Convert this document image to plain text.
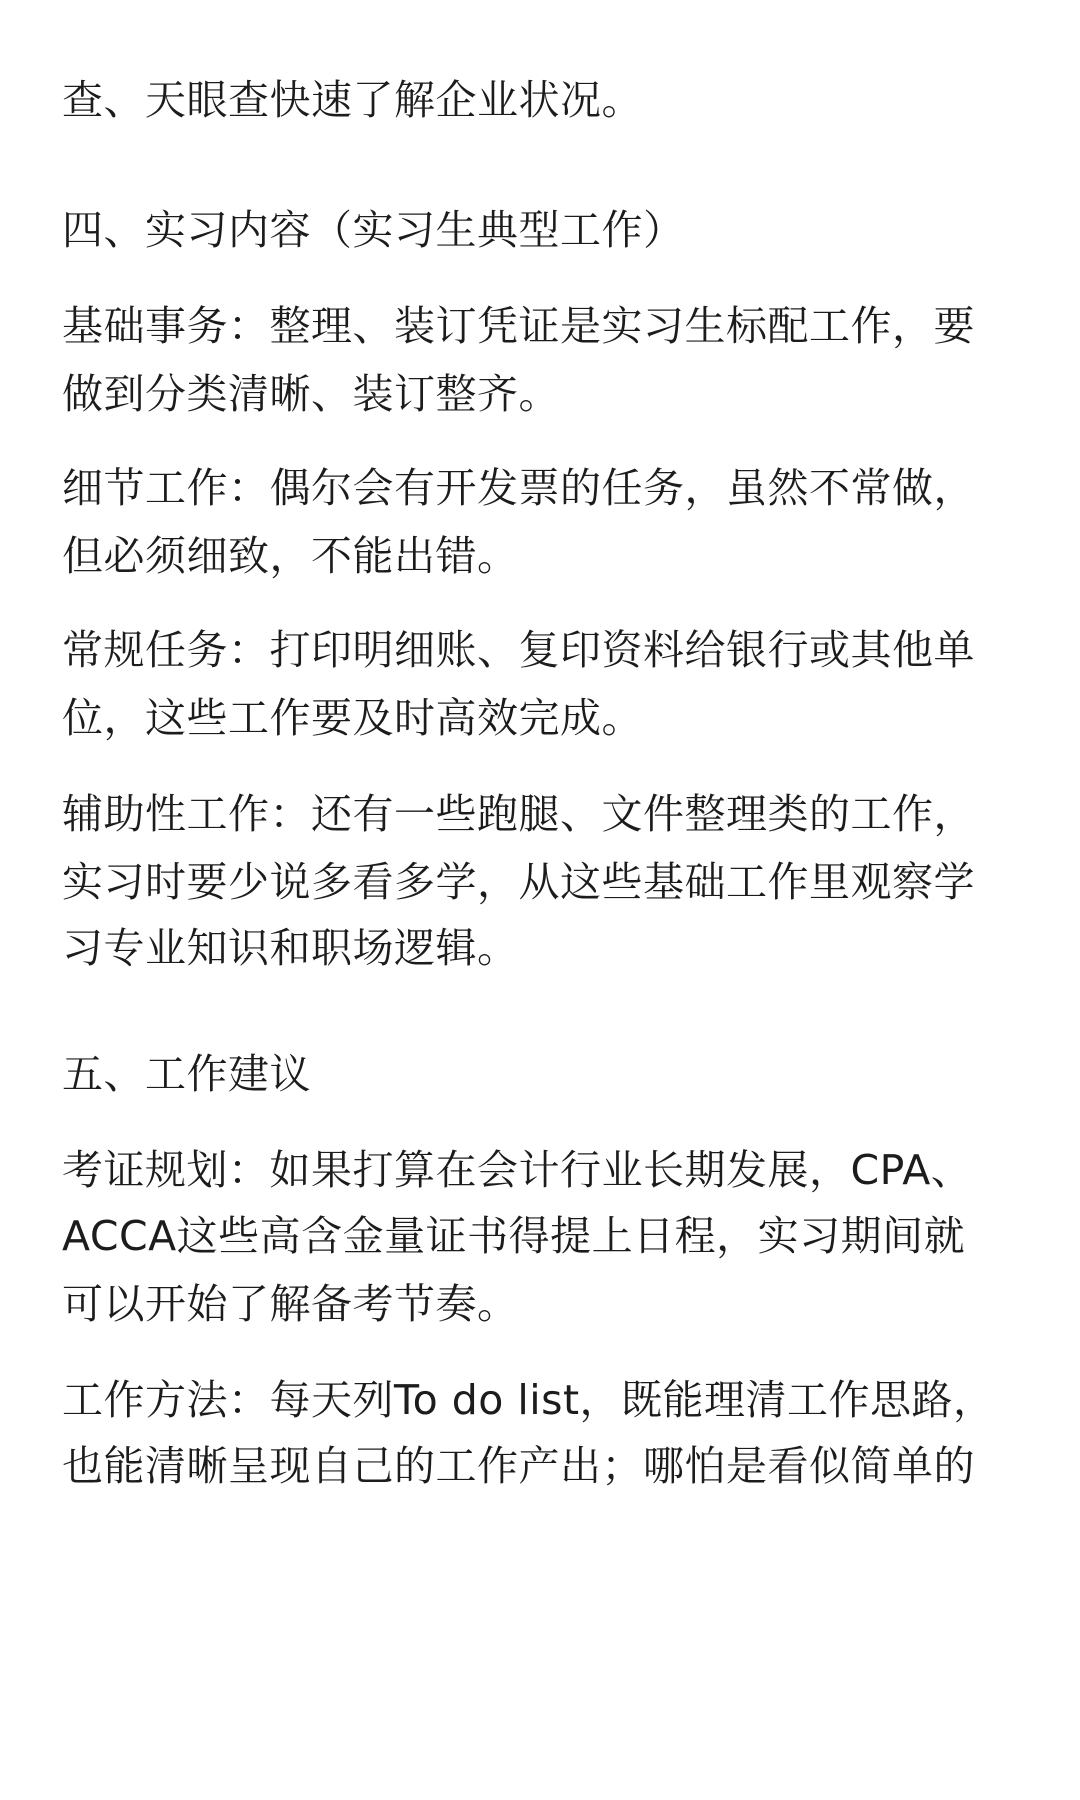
查、天眼查快速了解企业状况。
四、实习内容（实习生典型工作）
基础事务：整理、装订凭证是实习生标配工作，要
做到分类清晰、装订整齐。
细节工作：偶尔会有开发票的任务，虽然不常做，
但必须细致，不能出错。
常规任务：打印明细账、复印资料给银行或其他单
位，这些工作要及时高效完成。
辅助性工作：还有一些跑腿、文件整理类的工作，
实习时要少说多看多学，从这些基础工作里观察学
习专业知识和职场逻辑。
五、工作建议
考证规划：如果打算在会计行业长期发展，CPA、
ACCA这些高含金量证书得提上日程，实习期间就
可以开始了解备考节奏。
工作方法：每天列To do list，既能理清工作思路，
也能清晰呈现自己的工作产出；哪怕是看似简单的
